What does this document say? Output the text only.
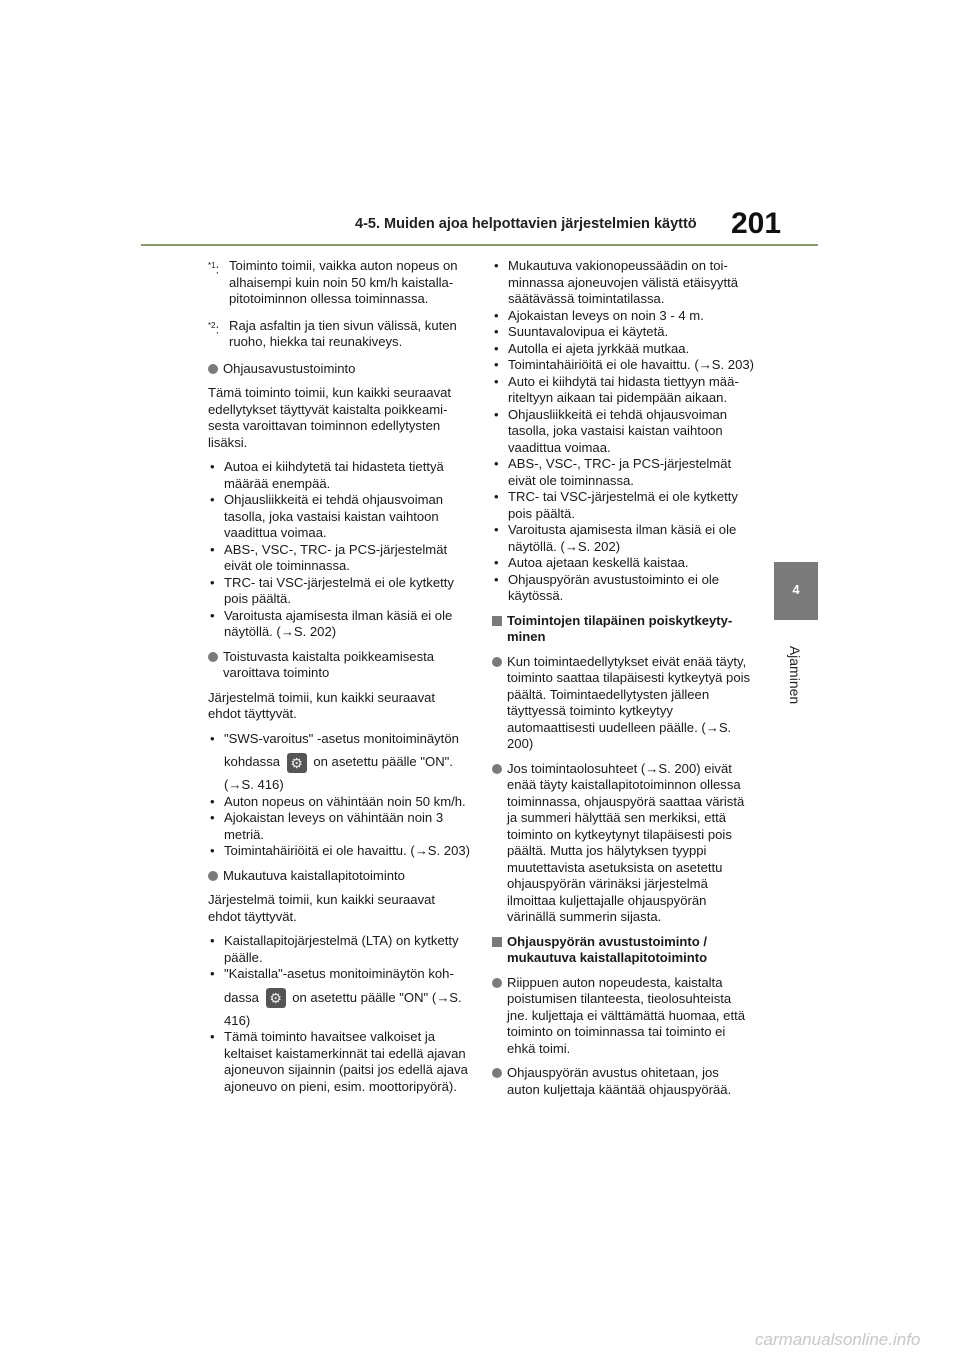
4-5. Muiden ajoa helpottavien järjestelmien käyttö 201
4
Ajaminen
$^{*1}$: Toiminto toimii, vaikka auton nopeus on alhaisempi kuin noin 50 km/h kaistallapitotoiminnon ollessa toiminnassa.
$^{*2}$: Raja asfaltin ja tien sivun välissä, kuten ruoho, hiekka tai reunakiveys.
Ohjausavustustoiminto

Tämä toiminto toimii, kun kaikki seuraavat edellytykset täyttyvät kaistalta poikkeamisesta varoittavan toiminnon edellytysten lisäksi.

• Autoa ei kiihdytetä tai hidasteta tiettyä määrää enempää.
• Ohjausliikkeitä ei tehdä ohjausvoiman tasolla, joka vastaisi kaistan vaihtoon vaadittua voimaa.
• ABS-, VSC-, TRC- ja PCS-järjestelmät eivät ole toiminnassa.
• TRC- tai VSC-järjestelmä ei ole kytketty pois päältä.
• Varoitusta ajamisesta ilman käsiä ei ole näytöllä. (→S. 202)
Toistuvasta kaistalta poikkeamisesta varoittava toiminto

Järjestelmä toimii, kun kaikki seuraavat ehdot täyttyvät.

• "SWS-varoitus" -asetus monitoiminäytön kohdassa ⚙ on asetettu päälle "ON". (→S. 416)
• Auton nopeus on vähintään noin 50 km/h.
• Ajokaistan leveys on vähintään noin 3 metriä.
• Toimintahäiriöitä ei ole havaittu. (→S. 203)
Mukautuva kaistallapitotoiminto

Järjestelmä toimii, kun kaikki seuraavat ehdot täyttyvät.

• Kaistallapitojärjestelmä (LTA) on kytketty päälle.
• "Kaistalla"-asetus monitoiminäytön kohdassa ⚙ on asetettu päälle "ON" (→S. 416)
• Tämä toiminto havaitsee valkoiset ja keltaiset kaistamerkinnät tai edellä ajavan ajoneuvon sijainnin (paitsi jos edellä ajava ajoneuvo on pieni, esim. moottoripyörä).
• Mukautuva vakionopeussäädin on toiminnassa ajoneuvojen välistä etäisyyttä säätävässä toimintatilassa.
• Ajokaistan leveys on noin 3 - 4 m.
• Suuntavalovipua ei käytetä.
• Autolla ei ajeta jyrkkää mutkaa.
• Toimintahäiriöitä ei ole havaittu. (→S. 203)
• Auto ei kiihdytä tai hidasta tiettyyn määriteltyyn aikaan tai pidempään aikaan.
• Ohjausliikkeitä ei tehdä ohjausvoiman tasolla, joka vastaisi kaistan vaihtoon vaadittua voimaa.
• ABS-, VSC-, TRC- ja PCS-järjestelmät eivät ole toiminnassa.
• TRC- tai VSC-järjestelmä ei ole kytketty pois päältä.
• Varoitusta ajamisesta ilman käsiä ei ole näytöllä. (→S. 202)
• Autoa ajetaan keskellä kaistaa.
• Ohjauspyörän avustustoiminto ei ole käytössä.
Toimintojen tilapäinen poiskytkeytyminen
Kun toimintaedellytykset eivät enää täyty, toiminto saattaa tilapäisesti kytkeytyä pois päältä. Toimintaedellytysten jälleen täyttyessä toiminto kytkeytyy automaattisesti uudelleen päälle. (→S. 200)
Jos toimintaolosuhteet (→S. 200) eivät enää täyty kaistallapitotoiminnon ollessa toiminnassa, ohjauspyörä saattaa väristä ja summeri hälyttää sen merkiksi, että toiminto on kytkeytynyt tilapäisesti pois päältä. Mutta jos hälytyksen tyyppi muutettavista asetuksista on asetettu ohjauspyörän värinäksi järjestelmä ilmoittaa kuljettajalle ohjauspyörän värinällä summerin sijasta.
Ohjauspyörän avustustoiminto / mukautuva kaistallapitotoiminto
Riippuen auton nopeudesta, kaistalta poistumisen tilanteesta, tieolosuhteista jne. kuljettaja ei välttämättä huomaa, että toiminto on toiminnassa tai toiminto ei ehkä toimi.
Ohjauspyörän avustus ohitetaan, jos auton kuljettaja kääntää ohjauspyörää.
carmanualsonline.info
